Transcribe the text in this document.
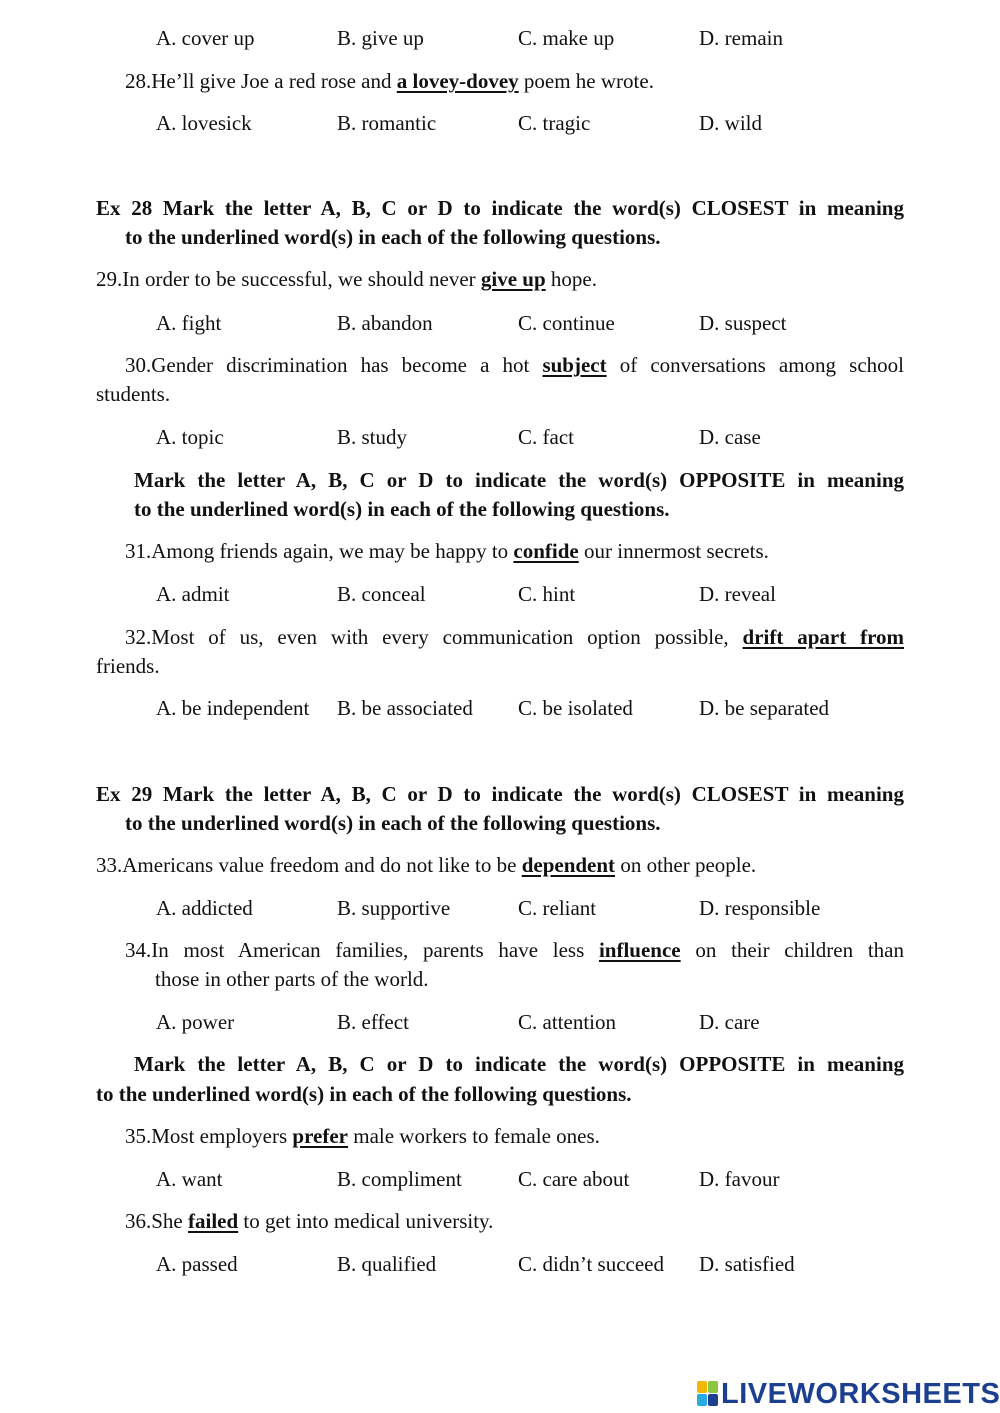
A. cover up	B. give up	C. make up	D. remain
28.He’ll give Joe a red rose and a lovey-dovey poem he wrote.
A. lovesick	B. romantic	C. tragic	D. wild
Ex 28 Mark the letter A, B, C or D to indicate the word(s) CLOSEST in meaning
to the underlined word(s) in each of the following questions.
29.In order to be successful, we should never give up hope.
A. fight	B. abandon	C. continue	D. suspect
30.Gender discrimination has become a hot subject of conversations among school
students.
A. topic	B. study	C. fact	D. case
Mark the letter A, B, C or D to indicate the word(s) OPPOSITE in meaning
to the underlined word(s) in each of the following questions.
31.Among friends again, we may be happy to confide our innermost secrets.
A. admit	B. conceal	C. hint	D. reveal
32.Most of us, even with every communication option possible, drift apart from
friends.
A. be independent B. be associated C. be isolated	D. be separated
Ex 29 Mark the letter A, B, C or D to indicate the word(s) CLOSEST in meaning
to the underlined word(s) in each of the following questions.
33.Americans value freedom and do not like to be dependent on other people.
A. addicted	B. supportive	C. reliant	D. responsible
34.In most American families, parents have less influence on their children than
those in other parts of the world.
A. power	B. effect	C. attention	D. care
Mark the letter A, B, C or D to indicate the word(s) OPPOSITE in meaning
to the underlined word(s) in each of the following questions.
35.Most employers prefer male workers to female ones.
A. want	B. compliment	C. care about	D. favour
36.She failed to get into medical university.
A. passed	B. qualified	C. didn’t succeed D. satisfied
LIVEWORKSHEETS
